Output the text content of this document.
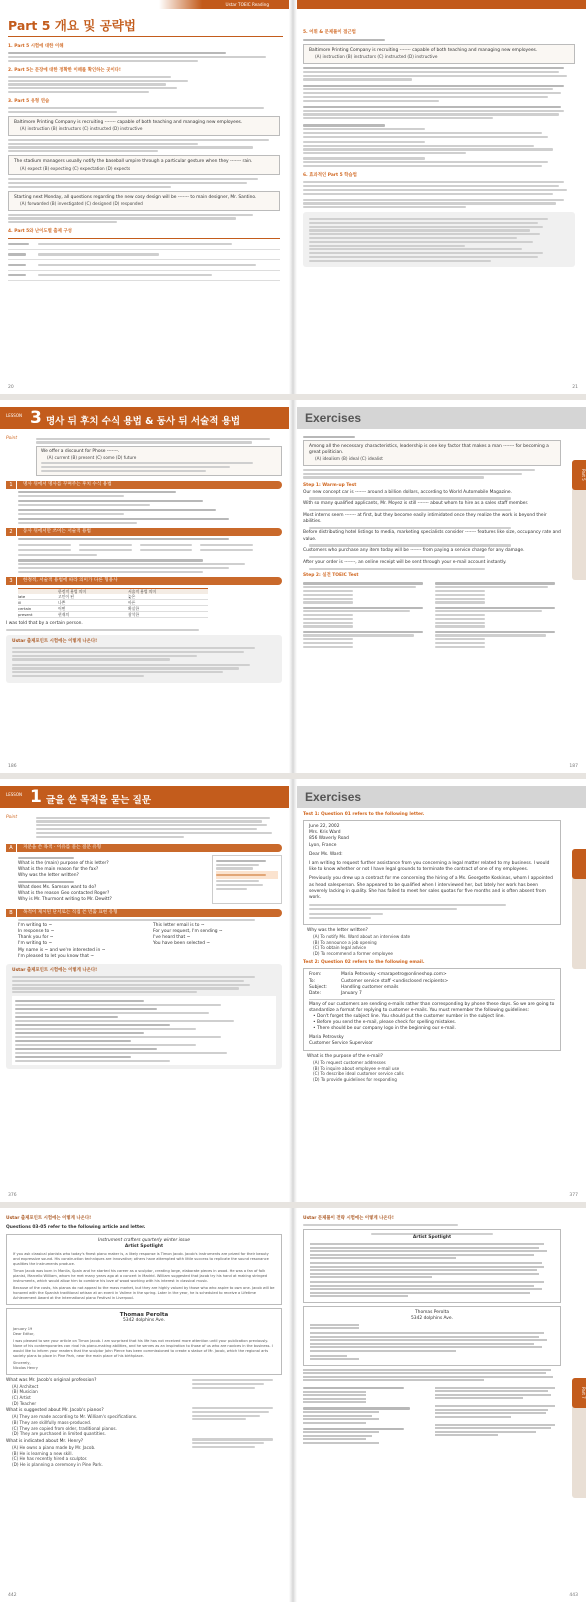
Ustar TOEIC Reading
Part 5 개요 및 공략법
1. Part 5 시험에 대한 이해
2. Part 5는 문장에 대한 정확한 이해를 확인하는 곳이다!
3. Part 5 유형 연습
Baltimore Printing Company is recruiting ------- capable of both teaching and managing new employees.
(A) instruction (B) instructors (C) instructed (D) instructive
The stadium managers usually notify the baseball umpire through a particular gesture when they ------- rain.
(A) expect (B) expecting (C) expectation (D) expects
Starting next Monday, all questions regarding the new cosy design will be ------- to main designer, Mr. Santino.
(A) forwarded (B) investigated (C) designed (D) responded
4. Part 5와 난이도별 출제 구성
20
5. 어휘 & 문제풀이 접근법
Baltimore Printing Company is recruiting ------- capable of both teaching and managing new employees.
(A) instruction (B) instructors (C) instructed (D) instructive
6. 효과적인 Part 5 학습법
21
LESSON 3 명사 뒤 후치 수식 용법 & 동사 뒤 서술적 용법
Point
We offer a discount for Phose -------.
(A) current (B) present (C) some (D) future
1	명사 뒤에서 명사를 꾸며주는 후치 수식 용법
2	동사 뒤에서만 쓰이는 서술적 용법
3	한정적, 서술적 용법에 따라 의미가 다른 형용사
한정적 용법 의미	서술적 용법 의미
late	고인이 된	늦은
ill	나쁜	아픈
certain	어떤	확실한
present	현재의	참석한
I was told that by a certain person.
Ustar 출제포인트 시험에는 이렇게 나온다!
186
Exercises
Among all the necessary characteristics, leadership is one key factor that makes a man ------- for becoming a great politician.
(A) idealism (B) ideal (C) idealist
Step 1: Warm-up Test
Our new concept car is ------- around a billion dollars, according to World Automobile Magazine.
With so many qualified applicants, Mr. Moyez is still ------- about whom to hire as a sales staff member.
Most interns seem ------- at first, but they become easily intimidated once they realize the work is beyond their abilities.
Before distributing hotel listings to media, marketing specialists consider ------- features like size, occupancy rate and value.
Customers who purchase any item today will be ------- from paying a service charge for any damage.
After your order is -------, an online receipt will be sent through your e-mail account instantly.
Step 2: 실전 TOEIC Test
Part 5
187
LESSON 1 글을 쓴 목적을 묻는 질문
Point
A	지문을 쓴 목적 · 이유를 묻는 질문 유형
What is the (main) purpose of this letter?
What is the main reason for the fax?
Why was the letter written?
What does Ms. Samson want to do?
What is the reason Geo contacted Roger?
Why is Mr. Thurmont writing to Mr. Dewitt?
B	목적이 제시된 단서로는 직접 쓴 빈출 표현 유형
I'm writing to ~
In response to ~
Thank you for ~
I'm writing to ~
My name is ~ and we're interested in ~
I'm pleased to let you know that ~
This letter email is to ~
For your request, I'm sending ~
I've heard that ~
You have been selected ~
Ustar 출제포인트 시험에는 이렇게 나온다!
376
Exercises
Test 1: Question 01 refers to the following letter.
June 22, 2002
Mrs. Kris Ward
856 Waverly Road
Lyon, France
Dear Ms. Ward:
I am writing to request further assistance from you concerning a legal matter related to my business. I would like to know whether or not I have legal grounds to terminate the contract of one of my employees.
Previously you drew up a contract for me concerning the hiring of a Ms. Georgette Koskinas, whom I appointed as head salesperson. She appeared to be qualified when I interviewed her, but lately her work has been severely lacking in quality. She has failed to meet her sales quotas for five months and is often absent from work.
Why was the letter written?
(A) To notify Ms. Ward about an interview date
(B) To announce a job opening
(C) To obtain legal advice
(D) To recommend a former employee
Test 2: Question 02 refers to the following email.
From:	Maria Petrovsky <marapetro@onlineshop.com>
To:	Customer service staff <undisclosed recipients>
Subject:	Handling customer emails
Date:	January 7
Many of our customers are sending e-mails rather than corresponding by phone these days. So we are going to standardize a format for replying to customer e-mails. You must remember the following guidelines:
• Don't forget the subject line. You should put the customer number in the subject line.
• Before you send the e-mail, please check for spelling mistakes.
• There should be our company logo in the beginning our e-mail.
Maria Petrovsky
Customer Service Supervisor
What is the purpose of the e-mail?
(A) To request customer addresses
(B) To inquire about employee e-mail use
(C) To describe ideal customer service calls
(D) To provide guidelines for responding
377
Ustar 출제포인트 시험에는 이렇게 나온다!
Questions 03-05 refer to the following article and letter.
Instrument crafters quarterly winter issue
Artist Spotlight
If you ask classical pianists who today's finest piano maker is, a likely response is Timon Jacob. Jacob's instruments are prized for their beauty and expressive sound. His construction techniques are innovative; others have attempted with little success to replicate the sound resonance qualities the instruments produce.
Timon Jacob was born in Manila, Spain and he started his career as a sculptor, creating large, elaborate pieces in wood. He was a fan of folk pianist, Marcello William, whom he met many years ago at a concert in Madrid. William suggested that Jacob try his hand at making stringed instruments, which would allow him to combine his love of wood working with his interest in classical music.
Because of the costs, his pianos do not appeal to the mass market, but they are highly valued by those who who aspire to own one. Jacob will be honored with the Spanish traditional artisan at an event in Valime in the spring. Later in the year, he is scheduled to receive a Lifetime Achievement Award at the International piano Festival in Liverpool.
Thomas Perolta
5342 dolphins Ave.
January 19
Dear Editor,
I was pleased to see your article on Timon Jacob. I am surprised that his life has not received more attention until your publication previously. None of his contemporaries can rival his piano-making abilities, and he serves as an inspiration to those of us who are novices in the business. I would like to inform your readers that the sculptor John Pierce has been commissioned to create a statue of Mr. Jacob, which the regional arts society plans to place in Pine Park, near the main place of his birthplace.
Sincerely,
Nicolas Henry
What was Mr. Jacob's original profession?
(A) Architect
(B) Musician
(C) Artist
(D) Teacher
What is suggested about Mr. Jacob's pianos?
(A) They are made according to Mr. William's specifications.
(B) They are skillfully mass-produced.
(C) They are copied from older, traditional pianos.
(D) They are purchased in limited quantities.
What is indicated about Mr. Henry?
(A) He owns a piano made by Mr. Jacob.
(B) He is learning a new skill.
(C) He has recently hired a sculptor.
(D) He is planning a ceremony in Pine Park.
442
Ustar 문제풀이 전략 시험에는 이렇게 나온다!
Artist Spotlight
Thomas Perolta
5342 dolphins Ave.
Part 7
443
